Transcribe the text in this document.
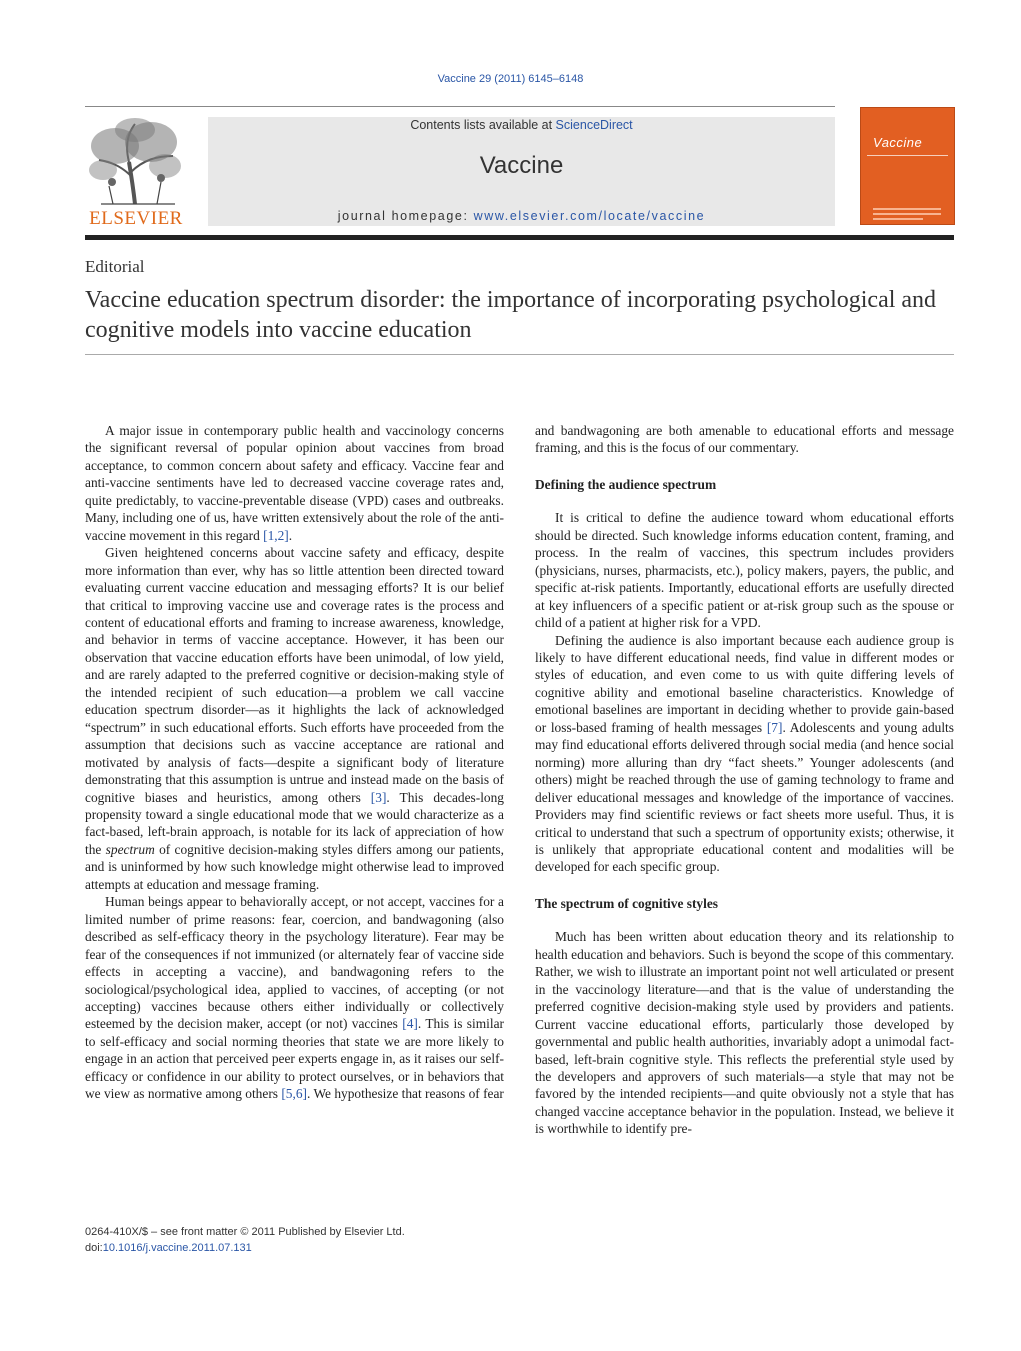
Vaccine 29 (2011) 6145–6148
ELSEVIER
Contents lists available at ScienceDirect
Vaccine
journal homepage: www.elsevier.com/locate/vaccine
Vaccine
Editorial
Vaccine education spectrum disorder: the importance of incorporating psychological and cognitive models into vaccine education

A major issue in contemporary public health and vaccinology concerns the significant reversal of popular opinion about vaccines from broad acceptance, to common concern about safety and efficacy. Vaccine fear and anti-vaccine sentiments have led to decreased vaccine coverage rates and, quite predictably, to vaccine-preventable disease (VPD) cases and outbreaks. Many, including one of us, have written extensively about the role of the anti-vaccine movement in this regard [1,2].

Given heightened concerns about vaccine safety and efficacy, despite more information than ever, why has so little attention been directed toward evaluating current vaccine education and messaging efforts? It is our belief that critical to improving vaccine use and coverage rates is the process and content of educational efforts and framing to increase awareness, knowledge, and behavior in terms of vaccine acceptance. However, it has been our observation that vaccine education efforts have been unimodal, of low yield, and are rarely adapted to the preferred cognitive or decision-making style of the intended recipient of such education—a problem we call vaccine education spectrum disorder—as it highlights the lack of acknowledged “spectrum” in such educational efforts. Such efforts have proceeded from the assumption that decisions such as vaccine acceptance are rational and motivated by analysis of facts—despite a significant body of literature demonstrating that this assumption is untrue and instead made on the basis of cognitive biases and heuristics, among others [3]. This decades-long propensity toward a single educational mode that we would characterize as a fact-based, left-brain approach, is notable for its lack of appreciation of how the spectrum of cognitive decision-making styles differs among our patients, and is uninformed by how such knowledge might otherwise lead to improved attempts at education and message framing.

Human beings appear to behaviorally accept, or not accept, vaccines for a limited number of prime reasons: fear, coercion, and bandwagoning (also described as self-efficacy theory in the psychology literature). Fear may be fear of the consequences if not immunized (or alternately fear of vaccine side effects in accepting a vaccine), and bandwagoning refers to the sociological/psychological idea, applied to vaccines, of accepting (or not accepting) vaccines because others either individually or collectively esteemed by the decision maker, accept (or not) vaccines [4]. This is similar to self-efficacy and social norming theories that state we are more likely to engage in an action that perceived peer experts engage in, as it raises our self-efficacy or confidence in our ability to protect ourselves, or in behaviors that we view as normative among others [5,6]. We hypothesize that reasons of fear

and bandwagoning are both amenable to educational efforts and message framing, and this is the focus of our commentary.

Defining the audience spectrum

It is critical to define the audience toward whom educational efforts should be directed. Such knowledge informs education content, framing, and process. In the realm of vaccines, this spectrum includes providers (physicians, nurses, pharmacists, etc.), policy makers, payers, the public, and specific at-risk patients. Importantly, educational efforts are usefully directed at key influencers of a specific patient or at-risk group such as the spouse or child of a patient at higher risk for a VPD.

Defining the audience is also important because each audience group is likely to have different educational needs, find value in different modes or styles of education, and even come to us with quite differing levels of cognitive ability and emotional baseline characteristics. Knowledge of emotional baselines are important in deciding whether to provide gain-based or loss-based framing of health messages [7]. Adolescents and young adults may find educational efforts delivered through social media (and hence social norming) more alluring than dry “fact sheets.” Younger adolescents (and others) might be reached through the use of gaming technology to frame and deliver educational messages and knowledge of the importance of vaccines. Providers may find scientific reviews or fact sheets more useful. Thus, it is critical to understand that such a spectrum of opportunity exists; otherwise, it is unlikely that appropriate educational content and modalities will be developed for each specific group.

The spectrum of cognitive styles

Much has been written about education theory and its relationship to health education and behaviors. Such is beyond the scope of this commentary. Rather, we wish to illustrate an important point not well articulated or present in the vaccinology literature—and that is the value of understanding the preferred cognitive decision-making style used by providers and patients. Current vaccine educational efforts, particularly those developed by governmental and public health authorities, invariably adopt a unimodal fact-based, left-brain cognitive style. This reflects the preferential style used by the developers and approvers of such materials—a style that may not be favored by the intended recipients—and quite obviously not a style that has changed vaccine acceptance behavior in the population. Instead, we believe it is worthwhile to identify pre-

0264-410X/$ – see front matter © 2011 Published by Elsevier Ltd.
doi:10.1016/j.vaccine.2011.07.131
